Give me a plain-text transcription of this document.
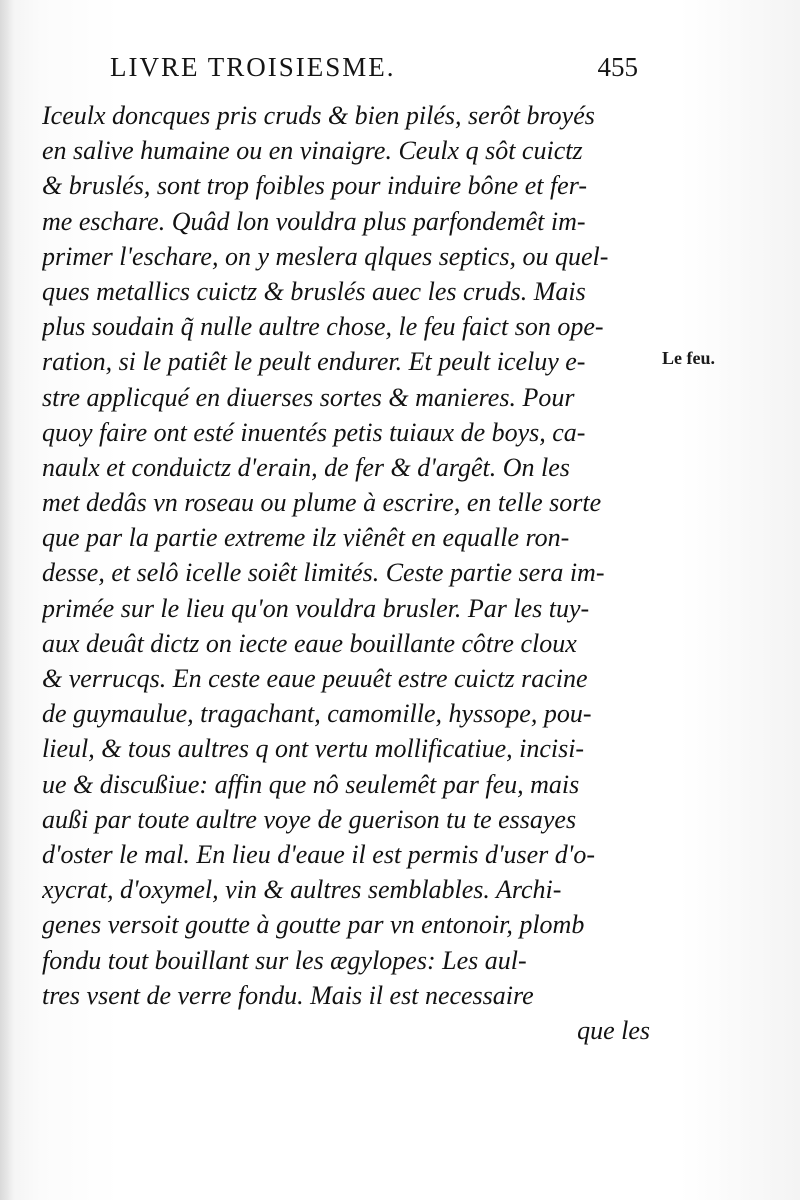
LIVRE TROISIESME.	455
Iceulx doncques pris cruds & bien pilés, serôt broyés
en salive humaine ou en vinaigre. Ceulx q sôt cuictz
& bruslés, sont trop foibles pour induire bône et fer-
me eschare. Quâd lon vouldra plus parfondemêt im-
primer l'eschare, on y meslera qlques septics, ou quel-
ques metallics cuictz & bruslés auec les cruds. Mais
plus soudain q̃ nulle aultre chose, le feu faict son ope-
ration, si le patiêt le peult endurer. Et peult iceluy e-
stre applicqué en diuerses sortes & manieres. Pour
quoy faire ont esté inuentés petis tuiaux de boys, ca-
naulx et conduictz d'erain, de fer & d'argêt. On les
met dedâs vn roseau ou plume à escrire, en telle sorte
que par la partie extreme ilz viênêt en equalle ron-
desse, et selô icelle soiêt limités. Ceste partie sera im-
primée sur le lieu qu'on vouldra brusler. Par les tuy-
aux deuât dictz on iecte eaue bouillante côtre cloux
& verrucqs. En ceste eaue peuuêt estre cuictz racine
de guymaulue, tragachant, camomille, hyssope, pou-
lieul, & tous aultres q ont vertu mollificatiue, incisi-
ue & discußiue: affin que nô seulemêt par feu, mais
außi par toute aultre voye de guerison tu te essayes
d'oster le mal. En lieu d'eaue il est permis d'user d'o-
xycrat, d'oxymel, vin & aultres semblables. Archi-
genes versoit goutte à goutte par vn entonoir, plomb
fondu tout bouillant sur les ægylopes: Les aul-
tres vsent de verre fondu. Mais il est necessaire
que les
Le feu.
